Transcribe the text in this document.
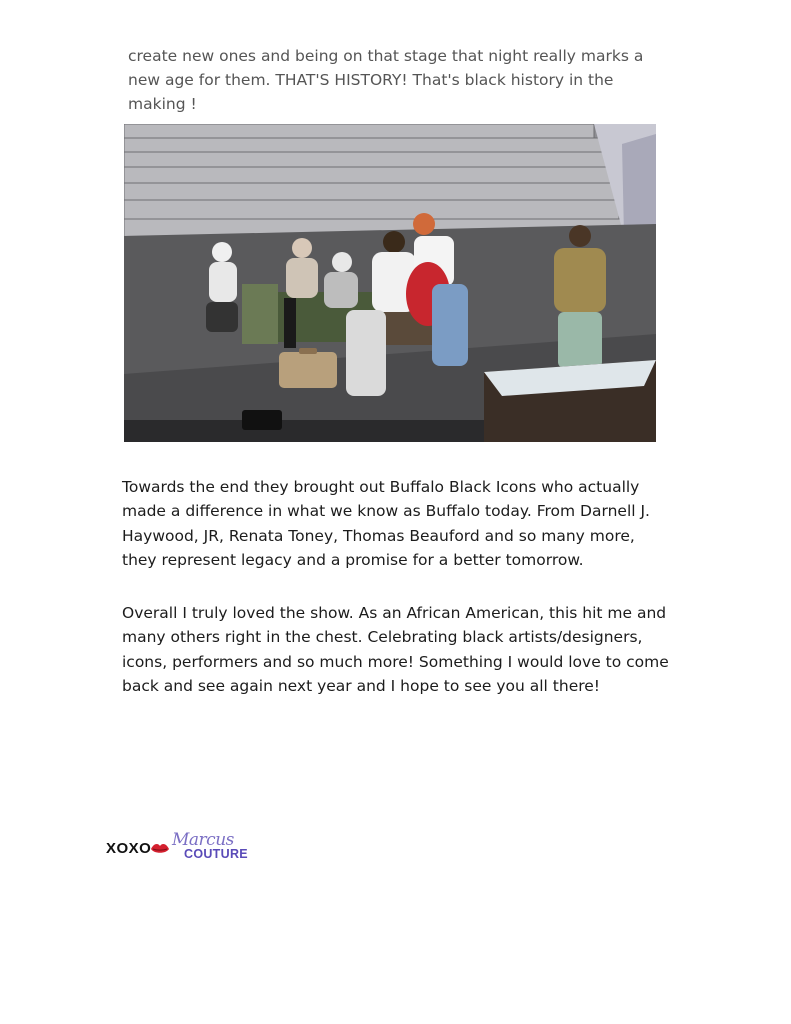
create new ones and being on that stage that night really marks a new age for them. THAT'S HISTORY! That's black history in the making !

Towards the end they brought out Buffalo Black Icons who actually made a difference in what we know as Buffalo today. From Darnell J. Haywood, JR, Renata Toney, Thomas Beauford and so many more, they represent legacy and a promise for a better tomorrow.

Overall I truly loved the show. As an African American, this hit me and many others right in the chest. Celebrating black artists/designers, icons, performers and so much more! Something I would love to come back and see again next year and I hope to see you all there!

XOXO Marcus
COUTURE
